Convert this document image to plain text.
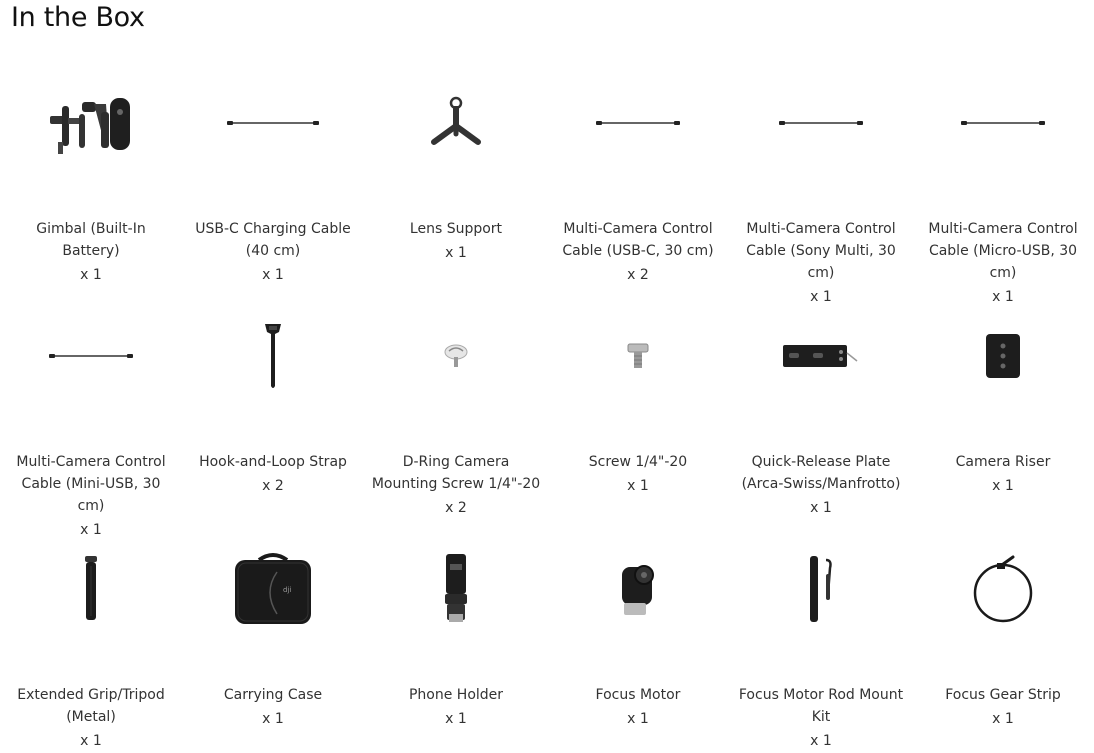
In the Box
Gimbal (Built-In Battery)
x 1
USB-C Charging Cable (40 cm)
x 1
Lens Support
x 1
Multi-Camera Control Cable (USB-C, 30 cm)
x 2
Multi-Camera Control Cable (Sony Multi, 30 cm)
x 1
Multi-Camera Control Cable (Micro-USB, 30 cm)
x 1
Multi-Camera Control Cable (Mini-USB, 30 cm)
x 1
Hook-and-Loop Strap
x 2
D-Ring Camera Mounting Screw 1/4"-20
x 2
Screw 1/4"-20
x 1
Quick-Release Plate (Arca-Swiss/Manfrotto)
x 1
Camera Riser
x 1
Extended Grip/Tripod (Metal)
x 1
dji
Carrying Case
x 1
Phone Holder
x 1
Focus Motor
x 1
Focus Motor Rod Mount Kit
x 1
Focus Gear Strip
x 1
